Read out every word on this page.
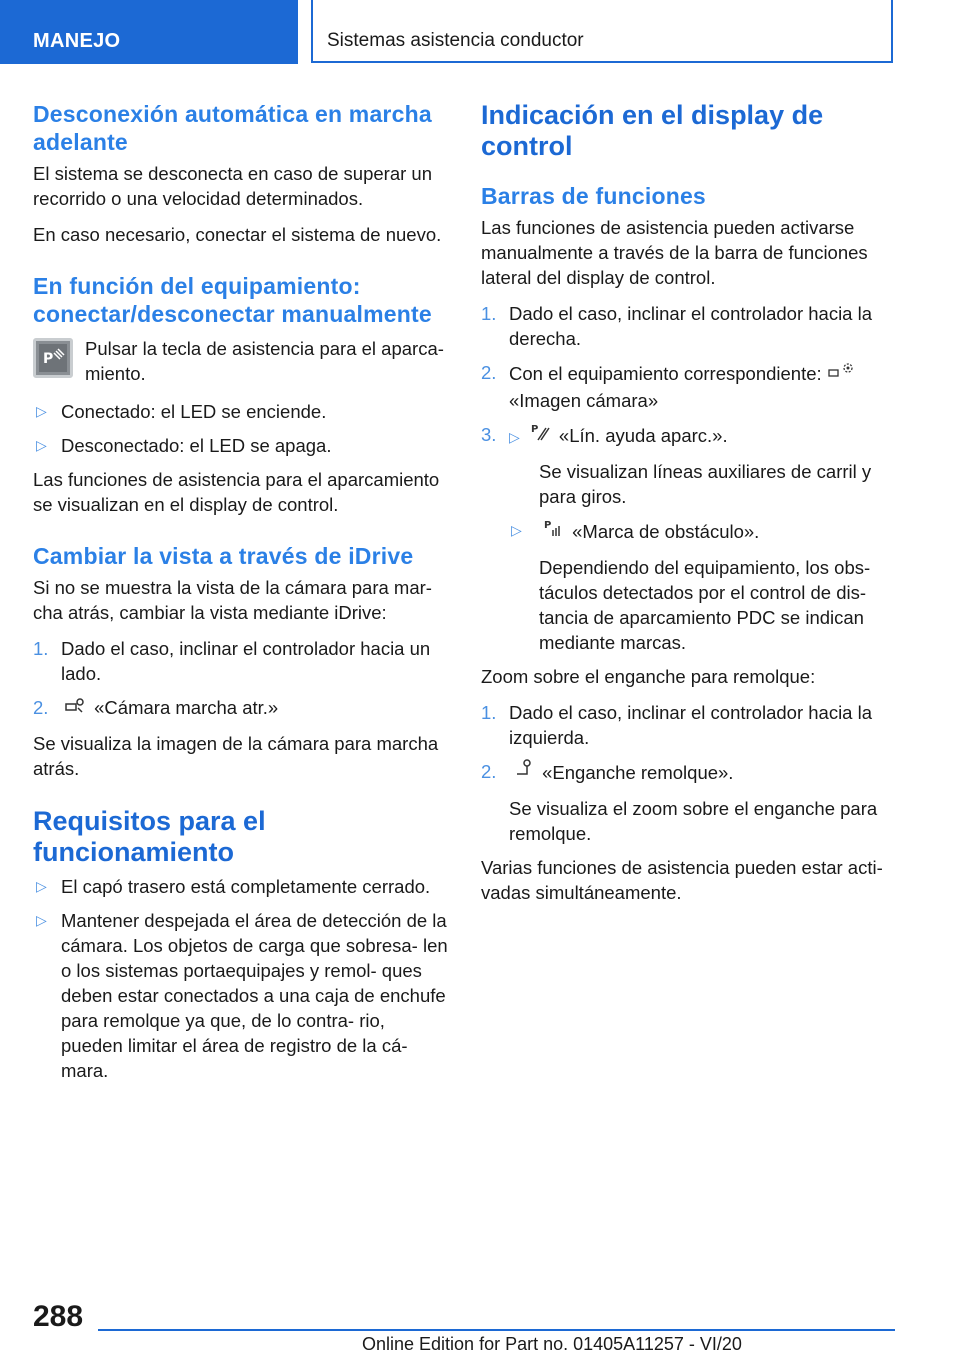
MANEJO	Sistemas asistencia conductor
Desconexión automática en marcha adelante

El sistema se desconecta en caso de superar un recorrido o una velocidad determinados.

En caso necesario, conectar el sistema de nuevo.

En función del equipamiento: conectar/desconectar manualmente
P Pulsar la tecla de asistencia para el aparca- miento.

▷ Conectado: el LED se enciende.
▷ Desconectado: el LED se apaga.

Las funciones de asistencia para el aparcamiento se visualizan en el display de control.

Cambiar la vista a través de iDrive

Si no se muestra la vista de la cámara para mar- cha atrás, cambiar la vista mediante iDrive:

1. Dado el caso, inclinar el controlador hacia un lado.
2. «Cámara marcha atr.»

Se visualiza la imagen de la cámara para marcha atrás.

Requisitos para el funcionamiento
▷ El capó trasero está completamente cerrado.
▷ Mantener despejada el área de detección de la cámara. Los objetos de carga que sobresa- len o los sistemas portaequipajes y remol- ques deben estar conectados a una caja de enchufe para remolque ya que, de lo contra- rio, pueden limitar el área de registro de la cá- mara.
Indicación en el display de control
Barras de funciones

Las funciones de asistencia pueden activarse manualmente a través de la barra de funciones lateral del display de control.

1. Dado el caso, inclinar el controlador hacia la derecha.
2. Con el equipamiento correspondiente:
«Imagen cámara»
3. ▷ P «Lín. ayuda aparc.».
Se visualizan líneas auxiliares de carril y para giros.
▷ P «Marca de obstáculo».
Dependiendo del equipamiento, los obs- táculos detectados por el control de dis- tancia de aparcamiento PDC se indican mediante marcas.

Zoom sobre el enganche para remolque:

1. Dado el caso, inclinar el controlador hacia la izquierda.
2. «Enganche remolque».
Se visualiza el zoom sobre el enganche para remolque.

Varias funciones de asistencia pueden estar acti- vadas simultáneamente.

288
Online Edition for Part no. 01405A11257 - VI/20
